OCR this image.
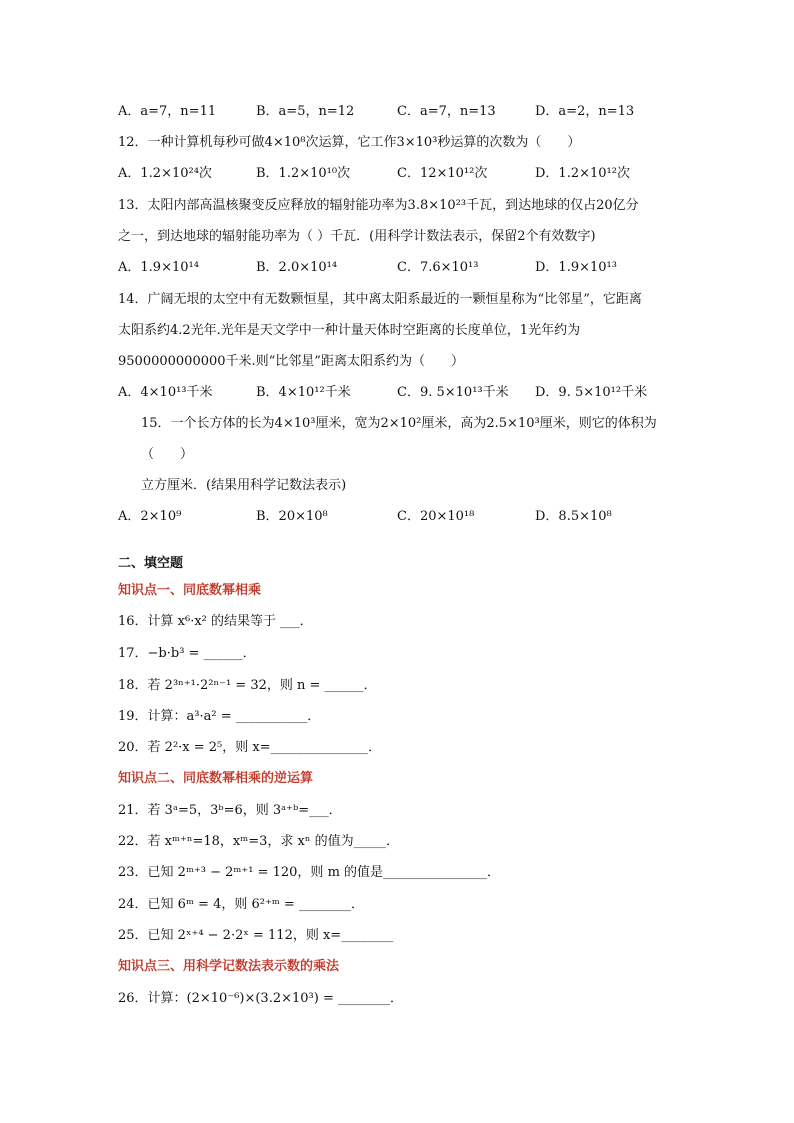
A．a=7，n=11	B．a=5，n=12	C．a=7，n=13	D．a=2，n=13
12．一种计算机每秒可做4×10⁸次运算，它工作3×10³秒运算的次数为（　　）
A．1.2×10²⁴次	B．1.2×10¹⁰次	C．12×10¹²次	D．1.2×10¹²次
13．太阳内部高温核聚变反应释放的辐射能功率为3.8×10²³千瓦，到达地球的仅占20亿分
之一，到达地球的辐射能功率为（ ）千瓦．(用科学计数法表示，保留2个有效数字)
A．1.9×10¹⁴	B．2.0×10¹⁴	C．7.6×10¹³	D．1.9×10¹³
14．广阔无垠的太空中有无数颗恒星，其中离太阳系最近的一颗恒星称为“比邻星”，它距离
太阳系约4.2光年.光年是天文学中一种计量天体时空距离的长度单位，1光年约为
9500000000000千米.则“比邻星”距离太阳系约为（　　）
A．4×10¹³千米	B．4×10¹²千米	C．9. 5×10¹³千米 D．9. 5×10¹²千米
15．一个长方体的长为4×10³厘米，宽为2×10²厘米，高为2.5×10³厘米，则它的体积为
（　　）
立方厘米．(结果用科学记数法表示)
A．2×10⁹	B．20×10⁸	C．20×10¹⁸	D．8.5×10⁸
二、填空题
知识点一、同底数幂相乘
16．计算 x⁶·x² 的结果等于 ___．
17．−b·b³ = ______．
18．若 2³ⁿ⁺¹·2²ⁿ⁻¹ = 32，则 n = ______．
19．计算：a³·a² = ___________．
20．若 2²·x = 2⁵，则 x=_______________．
知识点二、同底数幂相乘的逆运算
21．若 3ᵃ=5，3ᵇ=6，则 3ᵃ⁺ᵇ=___．
22．若 xᵐ⁺ⁿ=18，xᵐ=3，求 xⁿ 的值为_____．
23．已知 2ᵐ⁺³ − 2ᵐ⁺¹ = 120，则 m 的值是________________．
24．已知 6ᵐ = 4，则 6²⁺ᵐ = ________．
25．已知 2ˣ⁺⁴ − 2·2ˣ = 112，则 x=________
知识点三、用科学记数法表示数的乘法
26．计算：(2×10⁻⁶)×(3.2×10³) = ________．
